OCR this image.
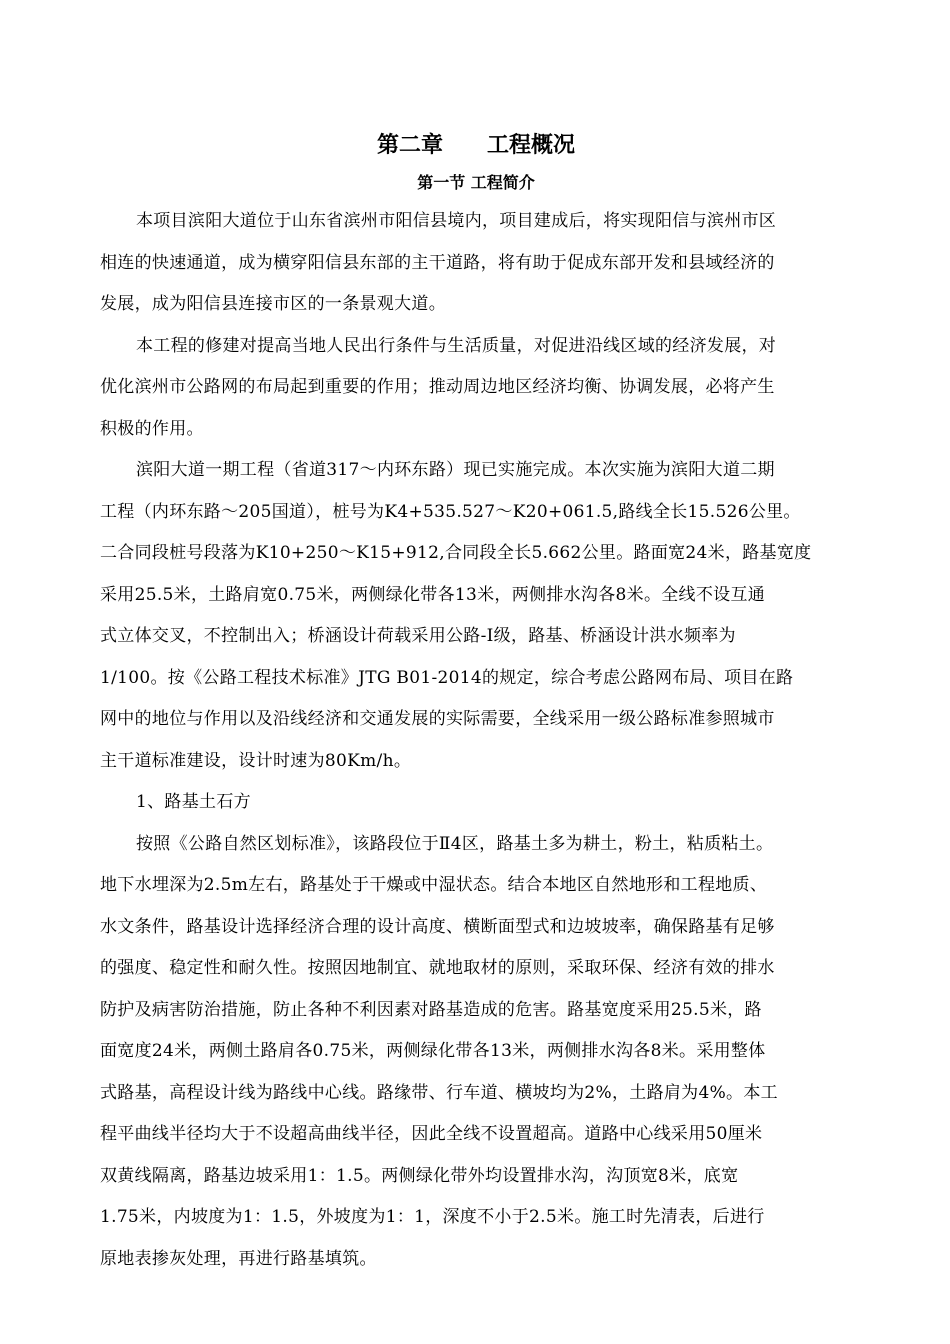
第二章　　工程概况
第一节 工程简介
本项目滨阳大道位于山东省滨州市阳信县境内，项目建成后，将实现阳信与滨州市区
相连的快速通道，成为横穿阳信县东部的主干道路，将有助于促成东部开发和县域经济的
发展，成为阳信县连接市区的一条景观大道。
本工程的修建对提高当地人民出行条件与生活质量，对促进沿线区域的经济发展，对
优化滨州市公路网的布局起到重要的作用；推动周边地区经济均衡、协调发展，必将产生
积极的作用。
滨阳大道一期工程（省道317～内环东路）现已实施完成。本次实施为滨阳大道二期
工程（内环东路～205国道），桩号为K4+535.527～K20+061.5,路线全长15.526公里。
二合同段桩号段落为K10+250～K15+912,合同段全长5.662公里。路面宽24米，路基宽度
采用25.5米，土路肩宽0.75米，两侧绿化带各13米，两侧排水沟各8米。全线不设互通
式立体交叉，不控制出入；桥涵设计荷载采用公路-Ⅰ级，路基、桥涵设计洪水频率为
1/100。按《公路工程技术标准》JTG B01-2014的规定，综合考虑公路网布局、项目在路
网中的地位与作用以及沿线经济和交通发展的实际需要，全线采用一级公路标准参照城市
主干道标准建设，设计时速为80Km/h。
1、路基土石方
按照《公路自然区划标准》，该路段位于Ⅱ4区，路基土多为耕土，粉土，粘质粘土。
地下水埋深为2.5m左右，路基处于干燥或中湿状态。结合本地区自然地形和工程地质、
水文条件，路基设计选择经济合理的设计高度、横断面型式和边坡坡率，确保路基有足够
的强度、稳定性和耐久性。按照因地制宜、就地取材的原则，采取环保、经济有效的排水
防护及病害防治措施，防止各种不利因素对路基造成的危害。路基宽度采用25.5米，路
面宽度24米，两侧土路肩各0.75米，两侧绿化带各13米，两侧排水沟各8米。采用整体
式路基，高程设计线为路线中心线。路缘带、行车道、横坡均为2%，土路肩为4%。本工
程平曲线半径均大于不设超高曲线半径，因此全线不设置超高。道路中心线采用50厘米
双黄线隔离，路基边坡采用1：1.5。两侧绿化带外均设置排水沟，沟顶宽8米，底宽
1.75米，内坡度为1：1.5，外坡度为1：1，深度不小于2.5米。施工时先清表，后进行
原地表掺灰处理，再进行路基填筑。
